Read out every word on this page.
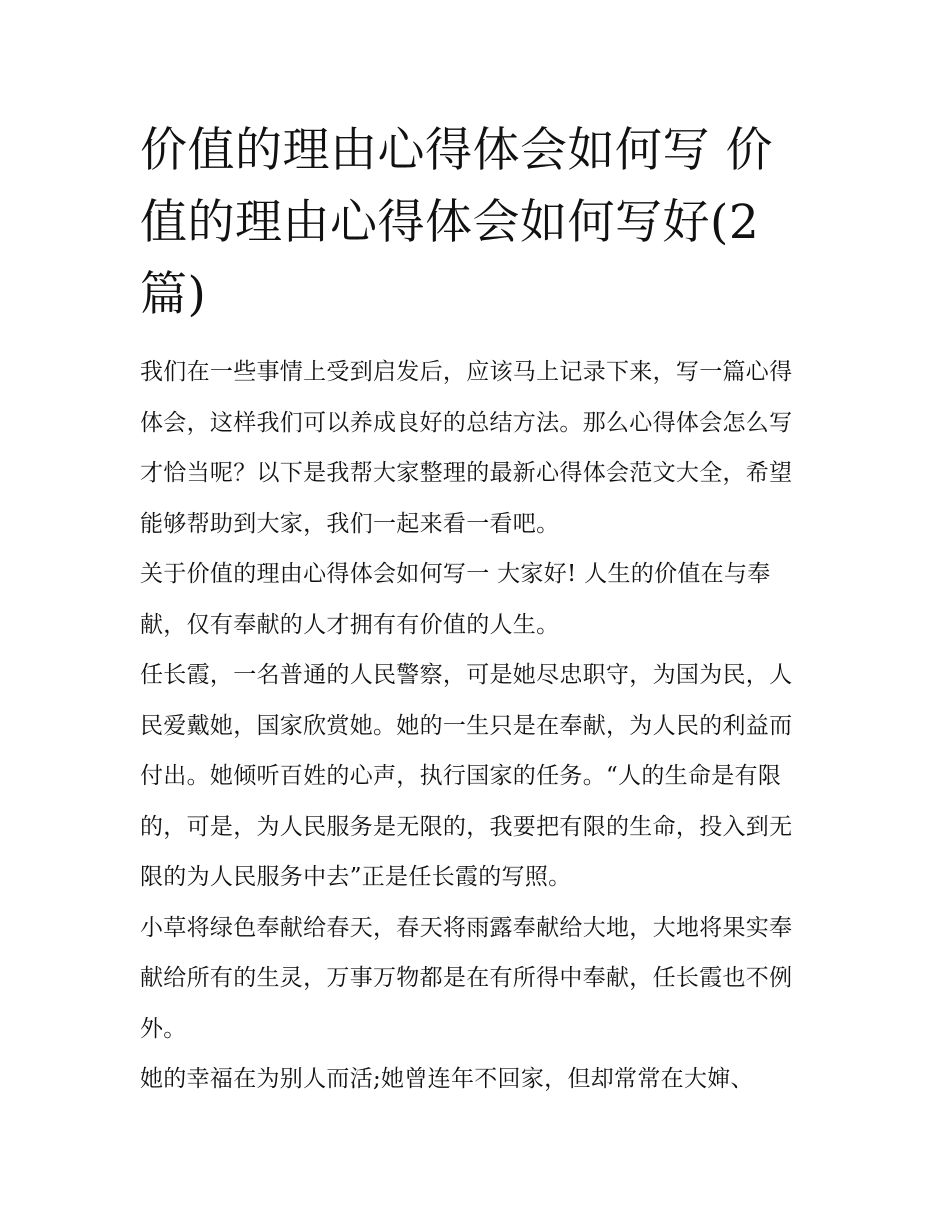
价值的理由心得体会如何写 价值的理由心得体会如何写好(2篇)

我们在一些事情上受到启发后，应该马上记录下来，写一篇心得体会，这样我们可以养成良好的总结方法。那么心得体会怎么写才恰当呢？以下是我帮大家整理的最新心得体会范文大全，希望能够帮助到大家，我们一起来看一看吧。

关于价值的理由心得体会如何写一 大家好! 人生的价值在与奉献，仅有奉献的人才拥有有价值的人生。

任长霞，一名普通的人民警察，可是她尽忠职守，为国为民，人民爱戴她，国家欣赏她。她的一生只是在奉献，为人民的利益而付出。她倾听百姓的心声，执行国家的任务。“人的生命是有限的，可是，为人民服务是无限的，我要把有限的生命，投入到无限的为人民服务中去”正是任长霞的写照。

小草将绿色奉献给春天，春天将雨露奉献给大地，大地将果实奉献给所有的生灵，万事万物都是在有所得中奉献，任长霞也不例外。

她的幸福在为别人而活;她曾连年不回家，但却常常在大婶、
